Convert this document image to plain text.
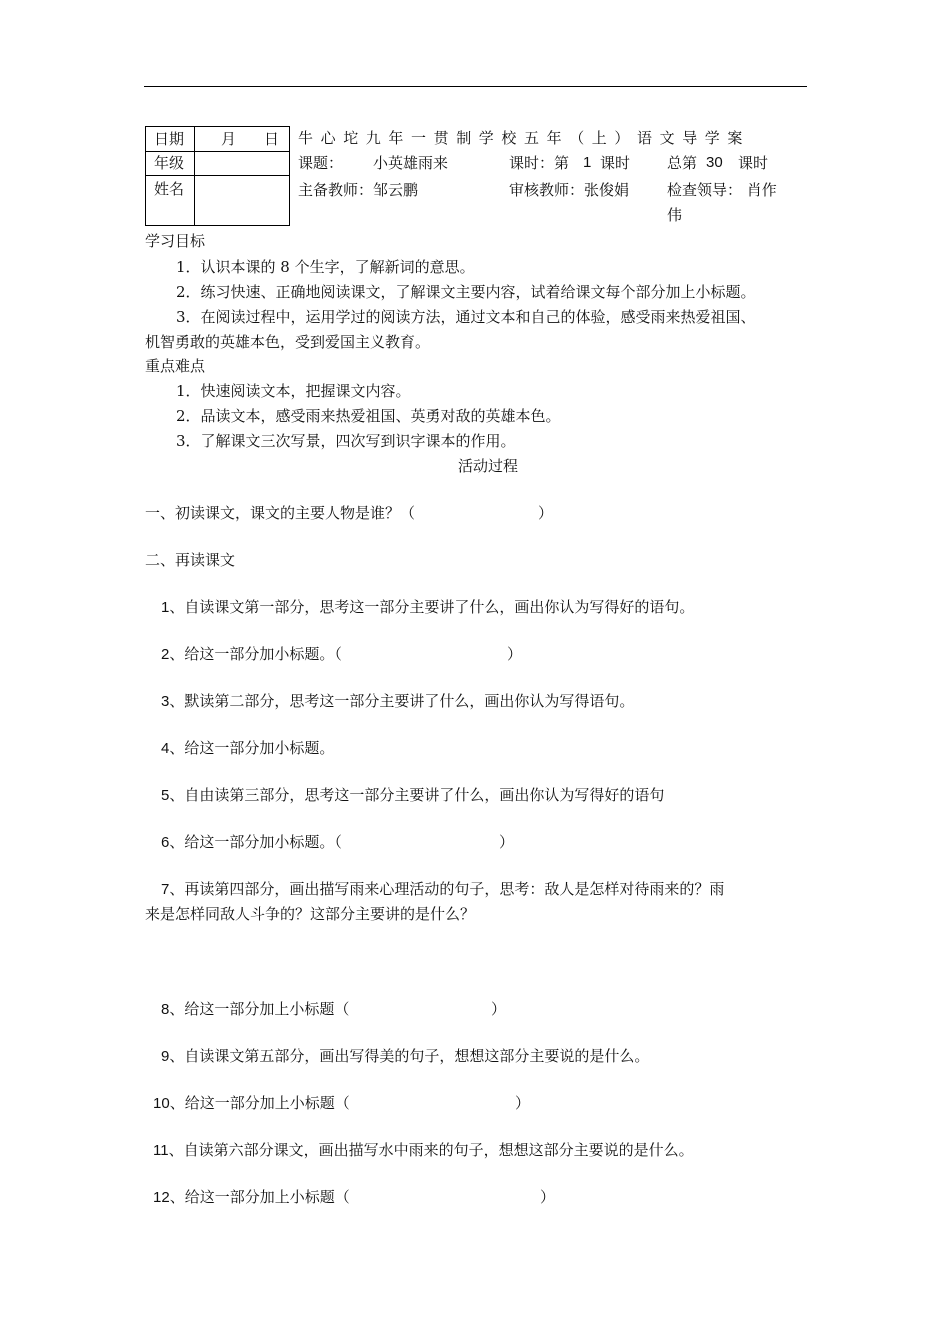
日期 月 日
年级
姓名
牛心坨九年一贯制学校五年（上）语文导学案
课题： 小英雄雨来	课时：第 1 课时 总第 30 课时
主备教师：邹云鹏	审核教师：张俊娟	检查领导： 肖作
伟
学习目标
1．认识本课的 8 个生字，了解新词的意思。
2．练习快速、正确地阅读课文，了解课文主要内容，试着给课文每个部分加上小标题。
3．在阅读过程中，运用学过的阅读方法，通过文本和自己的体验，感受雨来热爱祖国、
机智勇敢的英雄本色，受到爱国主义教育。
重点难点
1．快速阅读文本，把握课文内容。
2．品读文本，感受雨来热爱祖国、英勇对敌的英雄本色。
3．了解课文三次写景，四次写到识字课本的作用。
活动过程
一、初读课文，课文的主要人物是谁？（	）
二、再读课文
1、自读课文第一部分，思考这一部分主要讲了什么，画出你认为写得好的语句。
2、给这一部分加小标题。（	）
3、默读第二部分，思考这一部分主要讲了什么，画出你认为写得语句。
4、给这一部分加小标题。
5、自由读第三部分，思考这一部分主要讲了什么，画出你认为写得好的语句
6、给这一部分加小标题。（	）
7、再读第四部分，画出描写雨来心理活动的句子，思考：敌人是怎样对待雨来的？雨
来是怎样同敌人斗争的？这部分主要讲的是什么？
8、给这一部分加上小标题（	）
9、自读课文第五部分，画出写得美的句子，想想这部分主要说的是什么。
10、给这一部分加上小标题（	）
11、自读第六部分课文，画出描写水中雨来的句子，想想这部分主要说的是什么。
12、给这一部分加上小标题（	）
